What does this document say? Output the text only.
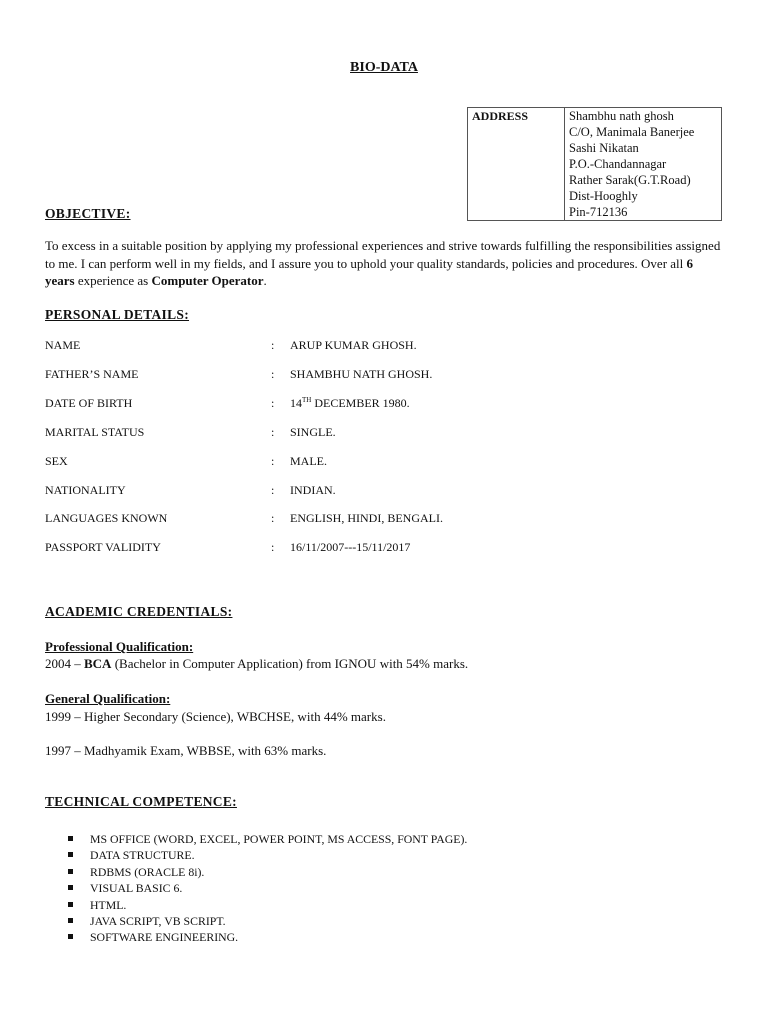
BIO-DATA
ADDRESS	Shambhu nath ghosh
C/O, Manimala Banerjee
Sashi Nikatan
P.O.-Chandannagar
Rather Sarak(G.T.Road)
Dist-Hooghly
Pin-712136
OBJECTIVE:
To excess in a suitable position by applying my professional experiences and strive towards fulfilling the responsibilities assigned to me. I can perform well in my fields, and I assure you to uphold your quality standards, policies and procedures. Over all 6 years experience as Computer Operator.
PERSONAL DETAILS:
NAME	: ARUP KUMAR GHOSH.
FATHER’S NAME	: SHAMBHU NATH GHOSH.
DATE OF BIRTH	: 14TH DECEMBER 1980.
MARITAL STATUS	: SINGLE.
SEX	: MALE.
NATIONALITY	: INDIAN.
LANGUAGES KNOWN	: ENGLISH, HINDI, BENGALI.
PASSPORT VALIDITY	: 16/11/2007---15/11/2017
ACADEMIC CREDENTIALS:
Professional Qualification:
2004 – BCA (Bachelor in Computer Application) from IGNOU with 54% marks.
General Qualification:
1999 – Higher Secondary (Science), WBCHSE, with 44% marks.
1997 – Madhyamik Exam, WBBSE, with 63% marks.
TECHNICAL COMPETENCE:
MS OFFICE (WORD, EXCEL, POWER POINT, MS ACCESS, FONT PAGE).
DATA STRUCTURE.
RDBMS (ORACLE 8i).
VISUAL BASIC 6.
HTML.
JAVA SCRIPT, VB SCRIPT.
SOFTWARE ENGINEERING.
